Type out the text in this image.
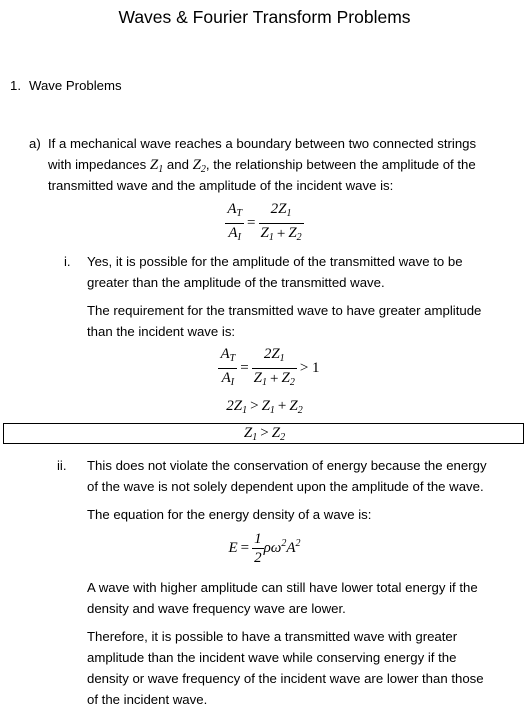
Waves & Fourier Transform Problems
1. Wave Problems
a) If a mechanical wave reaches a boundary between two connected strings
with impedances $Z_1$ and $Z_2$, the relationship between the amplitude of the
transmitted wave and the amplitude of the incident wave is:
$\frac{A_T}{A_I} = \frac{2Z_1}{Z_1 + Z_2}$
i. Yes, it is possible for the amplitude of the transmitted wave to be
greater than the amplitude of the transmitted wave.
The requirement for the transmitted wave to have greater amplitude
than the incident wave is:
$\frac{A_T}{A_I} = \frac{2Z_1}{Z_1 + Z_2} > 1$
$2Z_1 > Z_1 + Z_2$
$Z_1 > Z_2$
ii. This does not violate the conservation of energy because the energy
of the wave is not solely dependent upon the amplitude of the wave.
The equation for the energy density of a wave is:
$E = \frac{1}{2} \rho\omega^2A^2$
A wave with higher amplitude can still have lower total energy if the
density and wave frequency wave are lower.
Therefore, it is possible to have a transmitted wave with greater
amplitude than the incident wave while conserving energy if the
density or wave frequency of the incident wave are lower than those
of the incident wave.
